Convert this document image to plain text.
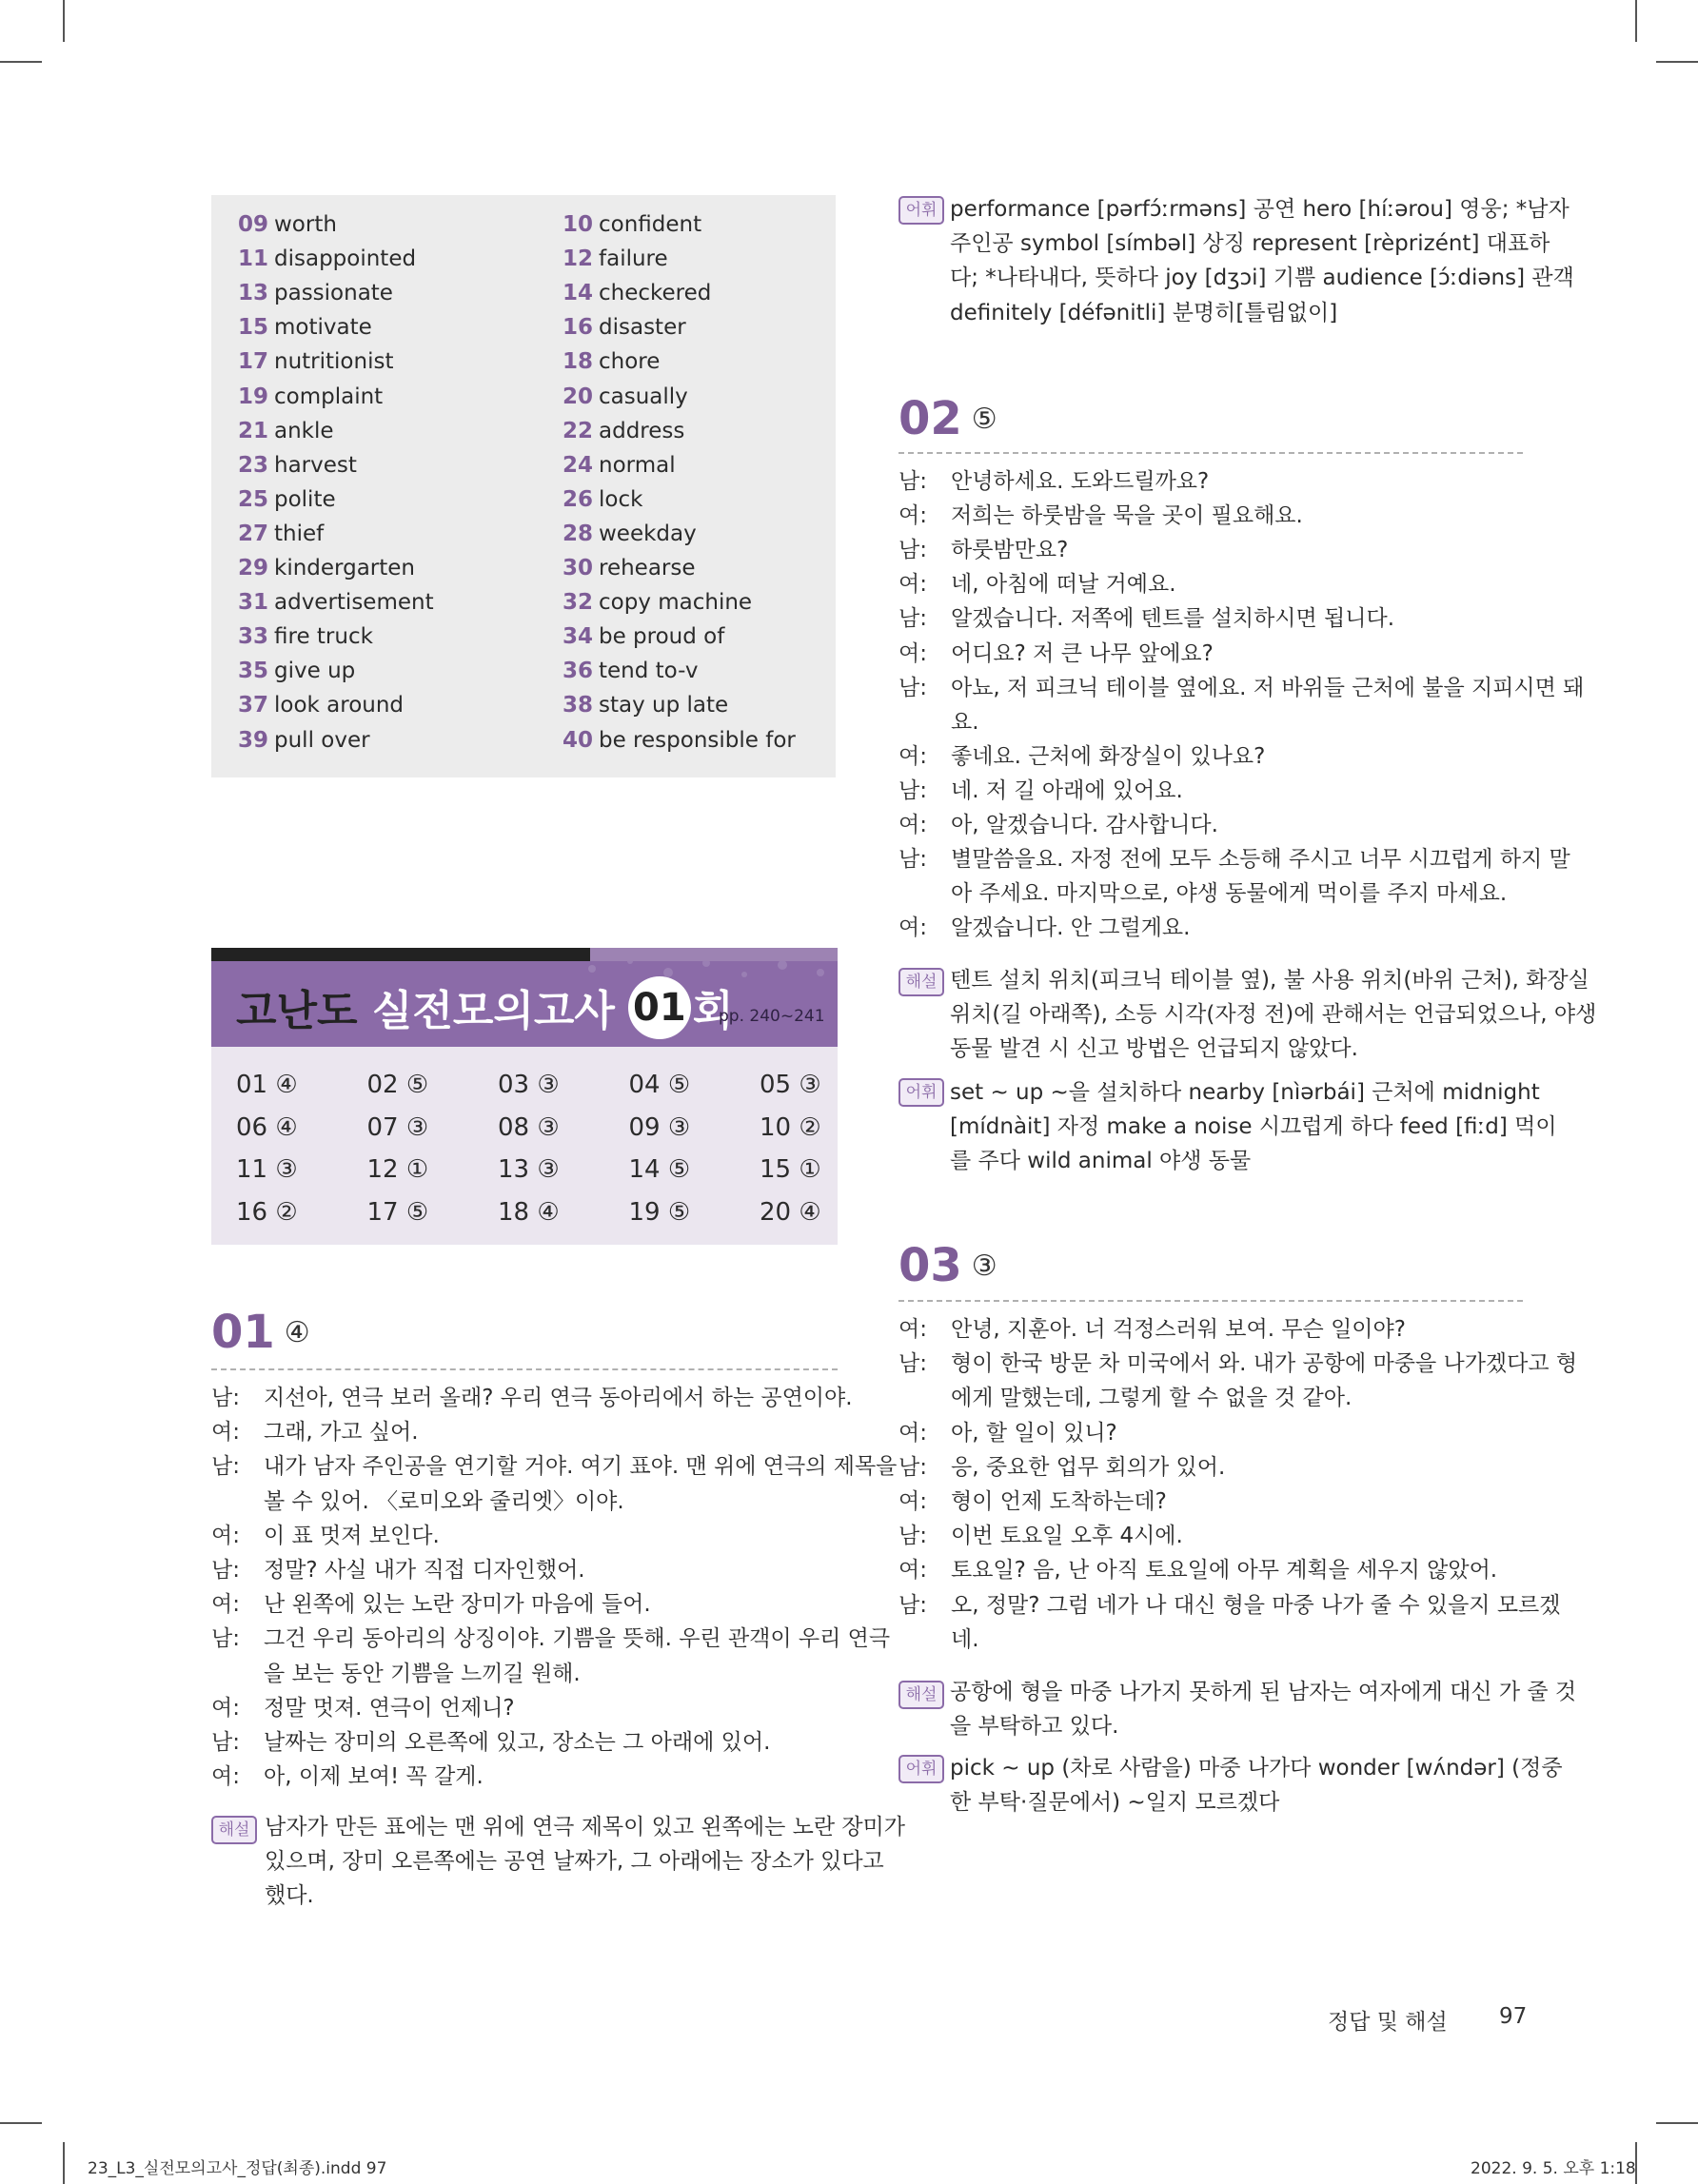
09 worth	10 confident
11 disappointed	12 failure
13 passionate	14 checkered
15 motivate	16 disaster
17 nutritionist	18 chore
19 complaint	20 casually
21 ankle	22 address
23 harvest	24 normal
25 polite	26 lock
27 thief	28 weekday
29 kindergarten	30 rehearse
31 advertisement	32 copy machine
33 fire truck	34 be proud of
35 give up	36 tend to-v
37 look around	38 stay up late
39 pull over	40 be responsible for
고난도 실전모의고사 01 회
pp. 240~241
01 ④	02 ⑤	03 ③	04 ⑤	05 ③
06 ④	07 ③	08 ③	09 ③	10 ②
11 ③	12 ①	13 ③	14 ⑤	15 ①
16 ②	17 ⑤	18 ④	19 ⑤	20 ④
01 ④
남: 지선아, 연극 보러 올래? 우리 연극 동아리에서 하는 공연이야.
여: 그래, 가고 싶어.
남: 내가 남자 주인공을 연기할 거야. 여기 표야. 맨 위에 연극의 제목을
볼 수 있어. 〈로미오와 줄리엣〉이야.
여: 이 표 멋져 보인다.
남: 정말? 사실 내가 직접 디자인했어.
여: 난 왼쪽에 있는 노란 장미가 마음에 들어.
남: 그건 우리 동아리의 상징이야. 기쁨을 뜻해. 우린 관객이 우리 연극
을 보는 동안 기쁨을 느끼길 원해.
여: 정말 멋져. 연극이 언제니?
남: 날짜는 장미의 오른쪽에 있고, 장소는 그 아래에 있어.
여: 아, 이제 보여! 꼭 갈게.
해설 남자가 만든 표에는 맨 위에 연극 제목이 있고 왼쪽에는 노란 장미가
있으며, 장미 오른쪽에는 공연 날짜가, 그 아래에는 장소가 있다고
했다.
어휘 performance [pərfɔ́ːrməns] 공연 hero [híːərou] 영웅; *남자
주인공 symbol [símbəl] 상징 represent [rèprizént] 대표하
다; *나타내다, 뜻하다 joy [dʒɔi] 기쁨 audience [ɔ́ːdiəns] 관객
definitely [défənitli] 분명히[틀림없이]
02 ⑤
남: 안녕하세요. 도와드릴까요?
여: 저희는 하룻밤을 묵을 곳이 필요해요.
남: 하룻밤만요?
여: 네, 아침에 떠날 거예요.
남: 알겠습니다. 저쪽에 텐트를 설치하시면 됩니다.
여: 어디요? 저 큰 나무 앞에요?
남: 아뇨, 저 피크닉 테이블 옆에요. 저 바위들 근처에 불을 지피시면 돼
요.
여: 좋네요. 근처에 화장실이 있나요?
남: 네. 저 길 아래에 있어요.
여: 아, 알겠습니다. 감사합니다.
남: 별말씀을요. 자정 전에 모두 소등해 주시고 너무 시끄럽게 하지 말
아 주세요. 마지막으로, 야생 동물에게 먹이를 주지 마세요.
여: 알겠습니다. 안 그럴게요.
해설 텐트 설치 위치(피크닉 테이블 옆), 불 사용 위치(바위 근처), 화장실
위치(길 아래쪽), 소등 시각(자정 전)에 관해서는 언급되었으나, 야생
동물 발견 시 신고 방법은 언급되지 않았다.
어휘 set ~ up ~을 설치하다 nearby [nìərbái] 근처에 midnight
[mídnàit] 자정 make a noise 시끄럽게 하다 feed [fiːd] 먹이
를 주다 wild animal 야생 동물
03 ③
여: 안녕, 지훈아. 너 걱정스러워 보여. 무슨 일이야?
남: 형이 한국 방문 차 미국에서 와. 내가 공항에 마중을 나가겠다고 형
에게 말했는데, 그렇게 할 수 없을 것 같아.
여: 아, 할 일이 있니?
남: 응, 중요한 업무 회의가 있어.
여: 형이 언제 도착하는데?
남: 이번 토요일 오후 4시에.
여: 토요일? 음, 난 아직 토요일에 아무 계획을 세우지 않았어.
남: 오, 정말? 그럼 네가 나 대신 형을 마중 나가 줄 수 있을지 모르겠
네.
해설 공항에 형을 마중 나가지 못하게 된 남자는 여자에게 대신 가 줄 것
을 부탁하고 있다.
어휘 pick ~ up (차로 사람을) 마중 나가다 wonder [wʌ́ndər] (정중
한 부탁·질문에서) ~일지 모르겠다
정답 및 해설 97
23_L3_실전모의고사_정답(최종).indd 97	2022. 9. 5. 오후 1:18
